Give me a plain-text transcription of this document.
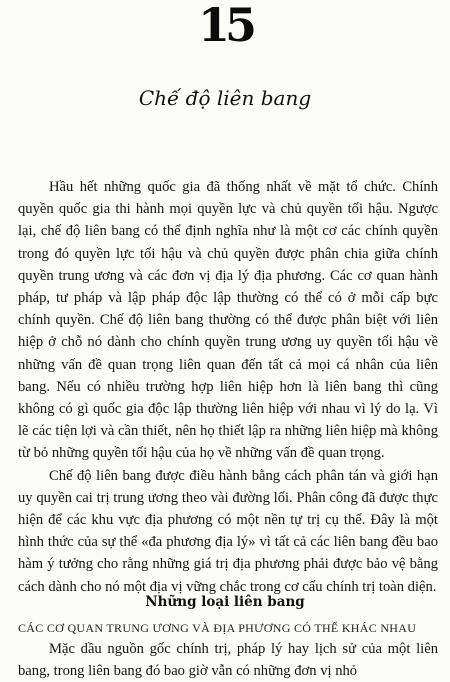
15
Chế độ liên bang

Hầu hết những quốc gia đã thống nhất về mặt tổ chức. Chính quyền quốc gia thi hành mọi quyền lực và chủ quyền tối hậu. Ngược lại, chế độ liên bang có thể định nghĩa như là một cơ các chính quyền trong đó quyền lực tối hậu và chủ quyền được phân chia giữa chính quyền trung ương và các đơn vị địa lý địa phương. Các cơ quan hành pháp, tư pháp và lập pháp độc lập thường có thể có ở mỗi cấp bực chính quyền. Chế độ liên bang thường có thể được phân biệt với liên hiệp ở chỗ nó dành cho chính quyền trung ương uy quyền tối hậu về những vấn đề quan trọng liên quan đến tất cả mọi cá nhân của liên bang. Nếu có nhiều trường hợp liên hiệp hơn là liên bang thì cũng không có gì quốc gia độc lập thường liên hiệp với nhau vì lý do lạ. Vì lẽ các tiện lợi và cần thiết, nên họ thiết lập ra những liên hiệp mà không từ bỏ những quyền tối hậu của họ về những vấn đề quan trọng.

Chế độ liên bang được điều hành bằng cách phân tán và giới hạn uy quyền cai trị trung ương theo vài đường lối. Phân công đã được thực hiện để các khu vực địa phương có một nền tự trị cụ thể. Đây là một hình thức của sự thể «đa phương địa lý» vì tất cả các liên bang đều bao hàm ý tưởng cho rằng những giá trị địa phương phải được bảo vệ bằng cách dành cho nó một địa vị vững chắc trong cơ cấu chính trị toàn diện.

Những loại liên bang
CÁC CƠ QUAN TRUNG ƯƠNG VÀ ĐỊA PHƯƠNG CÓ THỂ KHÁC NHAU

Mặc dầu nguồn gốc chính trị, pháp lý hay lịch sử của một liên bang, trong liên bang đó bao giờ vẫn có những đơn vị nhỏ
